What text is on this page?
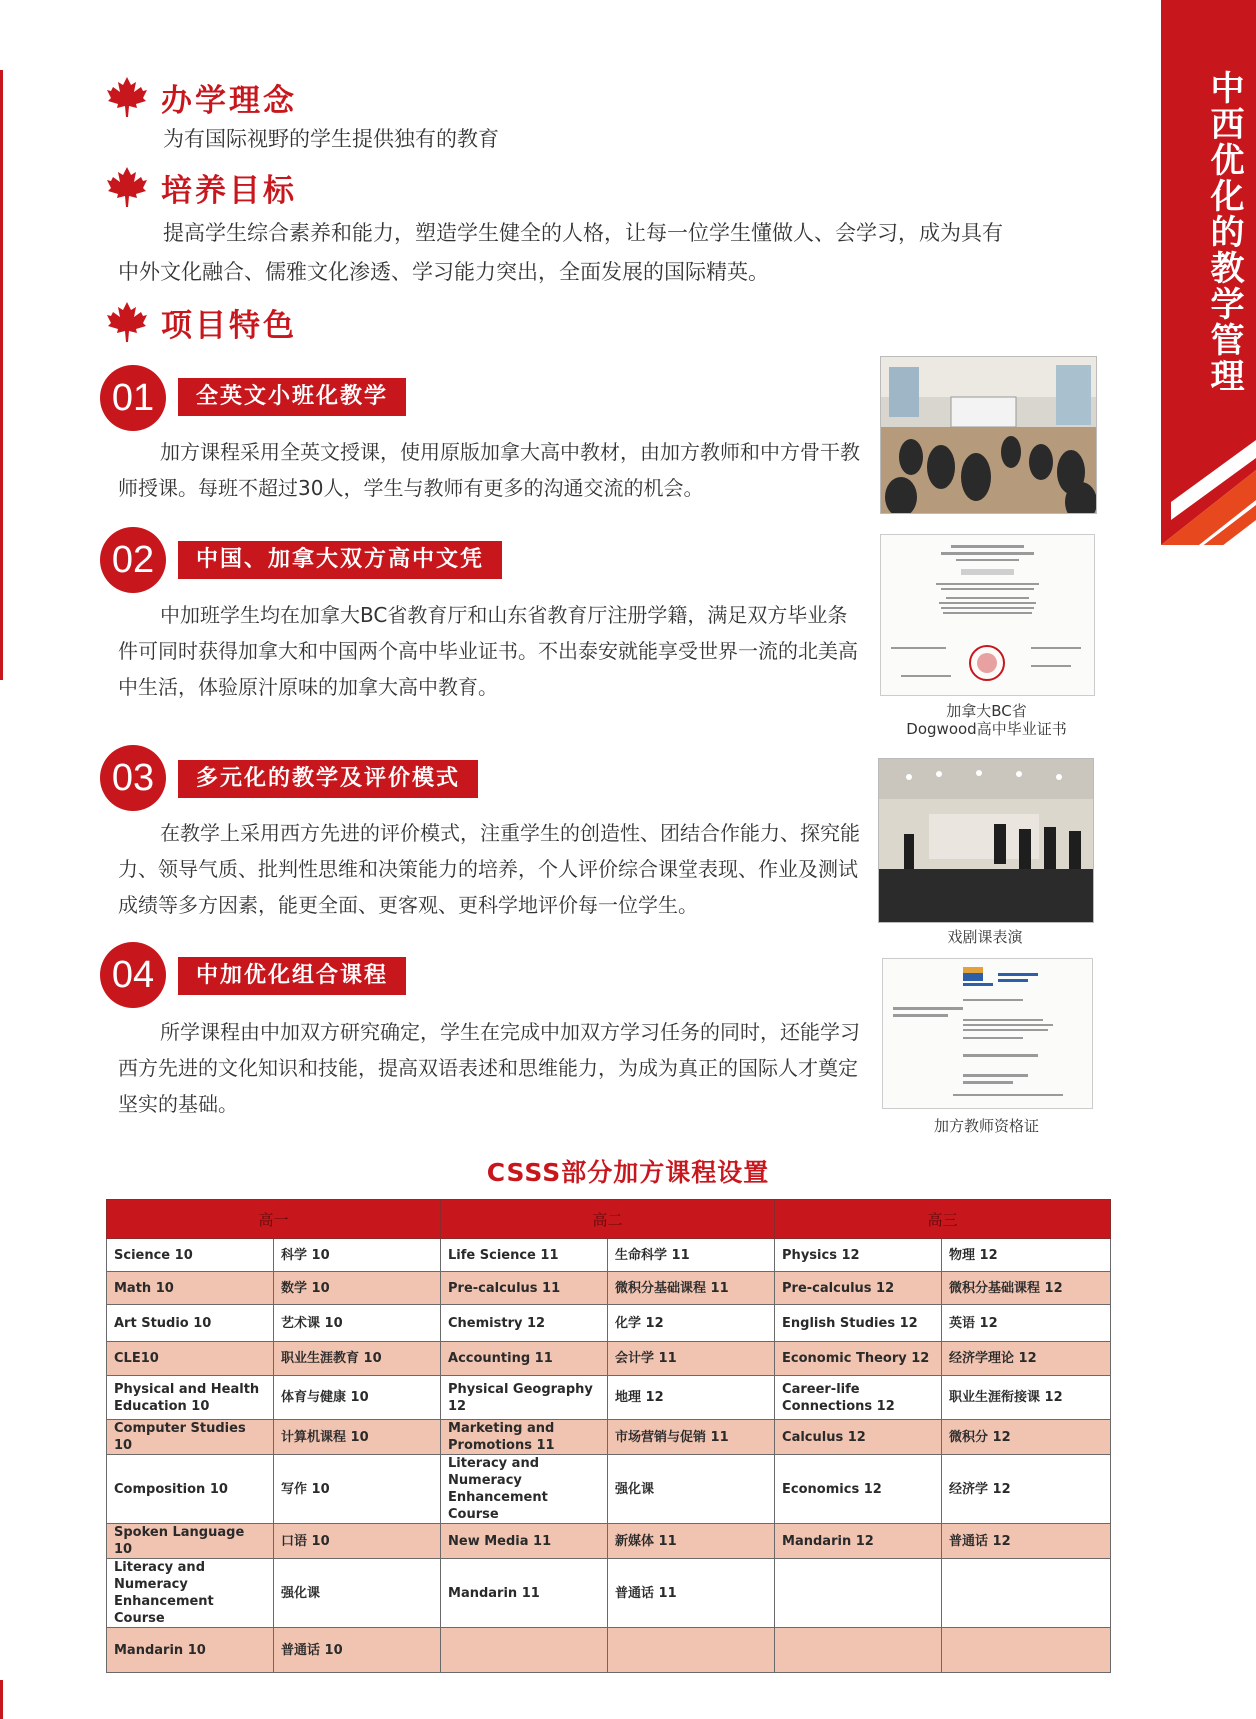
中西优化的教学管理
办学理念
为有国际视野的学生提供独有的教育
培养目标
提高学生综合素养和能力，塑造学生健全的人格，让每一位学生懂做人、会学习，成为具有
中外文化融合、儒雅文化渗透、学习能力突出，全面发展的国际精英。
项目特色
01	全英文小班化教学
加方课程采用全英文授课，使用原版加拿大高中教材，由加方教师和中方骨干教师授课。每班不超过30人，学生与教师有更多的沟通交流的机会。
02	中国、加拿大双方高中文凭
中加班学生均在加拿大BC省教育厅和山东省教育厅注册学籍，满足双方毕业条件可同时获得加拿大和中国两个高中毕业证书。不出泰安就能享受世界一流的北美高中生活，体验原汁原味的加拿大高中教育。
03	多元化的教学及评价模式
在教学上采用西方先进的评价模式，注重学生的创造性、团结合作能力、探究能力、领导气质、批判性思维和决策能力的培养，个人评价综合课堂表现、作业及测试成绩等多方因素，能更全面、更客观、更科学地评价每一位学生。
04	中加优化组合课程
所学课程由中加双方研究确定，学生在完成中加双方学习任务的同时，还能学习西方先进的文化知识和技能，提高双语表述和思维能力，为成为真正的国际人才奠定坚实的基础。
加拿大BC省
Dogwood高中毕业证书
戏剧课表演
加方教师资格证
CSSS部分加方课程设置
高一		高二		高三	
Science 10	科学 10	Life Science 11	生命科学 11	Physics 12	物理 12
Math 10	数学 10	Pre-calculus 11	微积分基础课程 11	Pre-calculus 12	微积分基础课程 12
Art Studio 10	艺术课 10	Chemistry 12	化学 12	English Studies 12	英语 12
CLE10	职业生涯教育 10	Accounting 11	会计学 11	Economic Theory 12	经济学理论 12
Physical and Health Education 10	体育与健康 10	Physical Geography 12	地理 12	Career-life Connections 12	职业生涯衔接课 12
Computer Studies 10	计算机课程 10	Marketing and Promotions 11	市场营销与促销 11	Calculus 12	微积分 12
Composition 10	写作 10	Literacy and Numeracy Enhancement Course	强化课	Economics 12	经济学 12
Spoken Language 10	口语 10	New Media 11	新媒体 11	Mandarin 12	普通话 12
Literacy and Numeracy Enhancement Course	强化课	Mandarin 11	普通话 11		
Mandarin 10	普通话 10				
